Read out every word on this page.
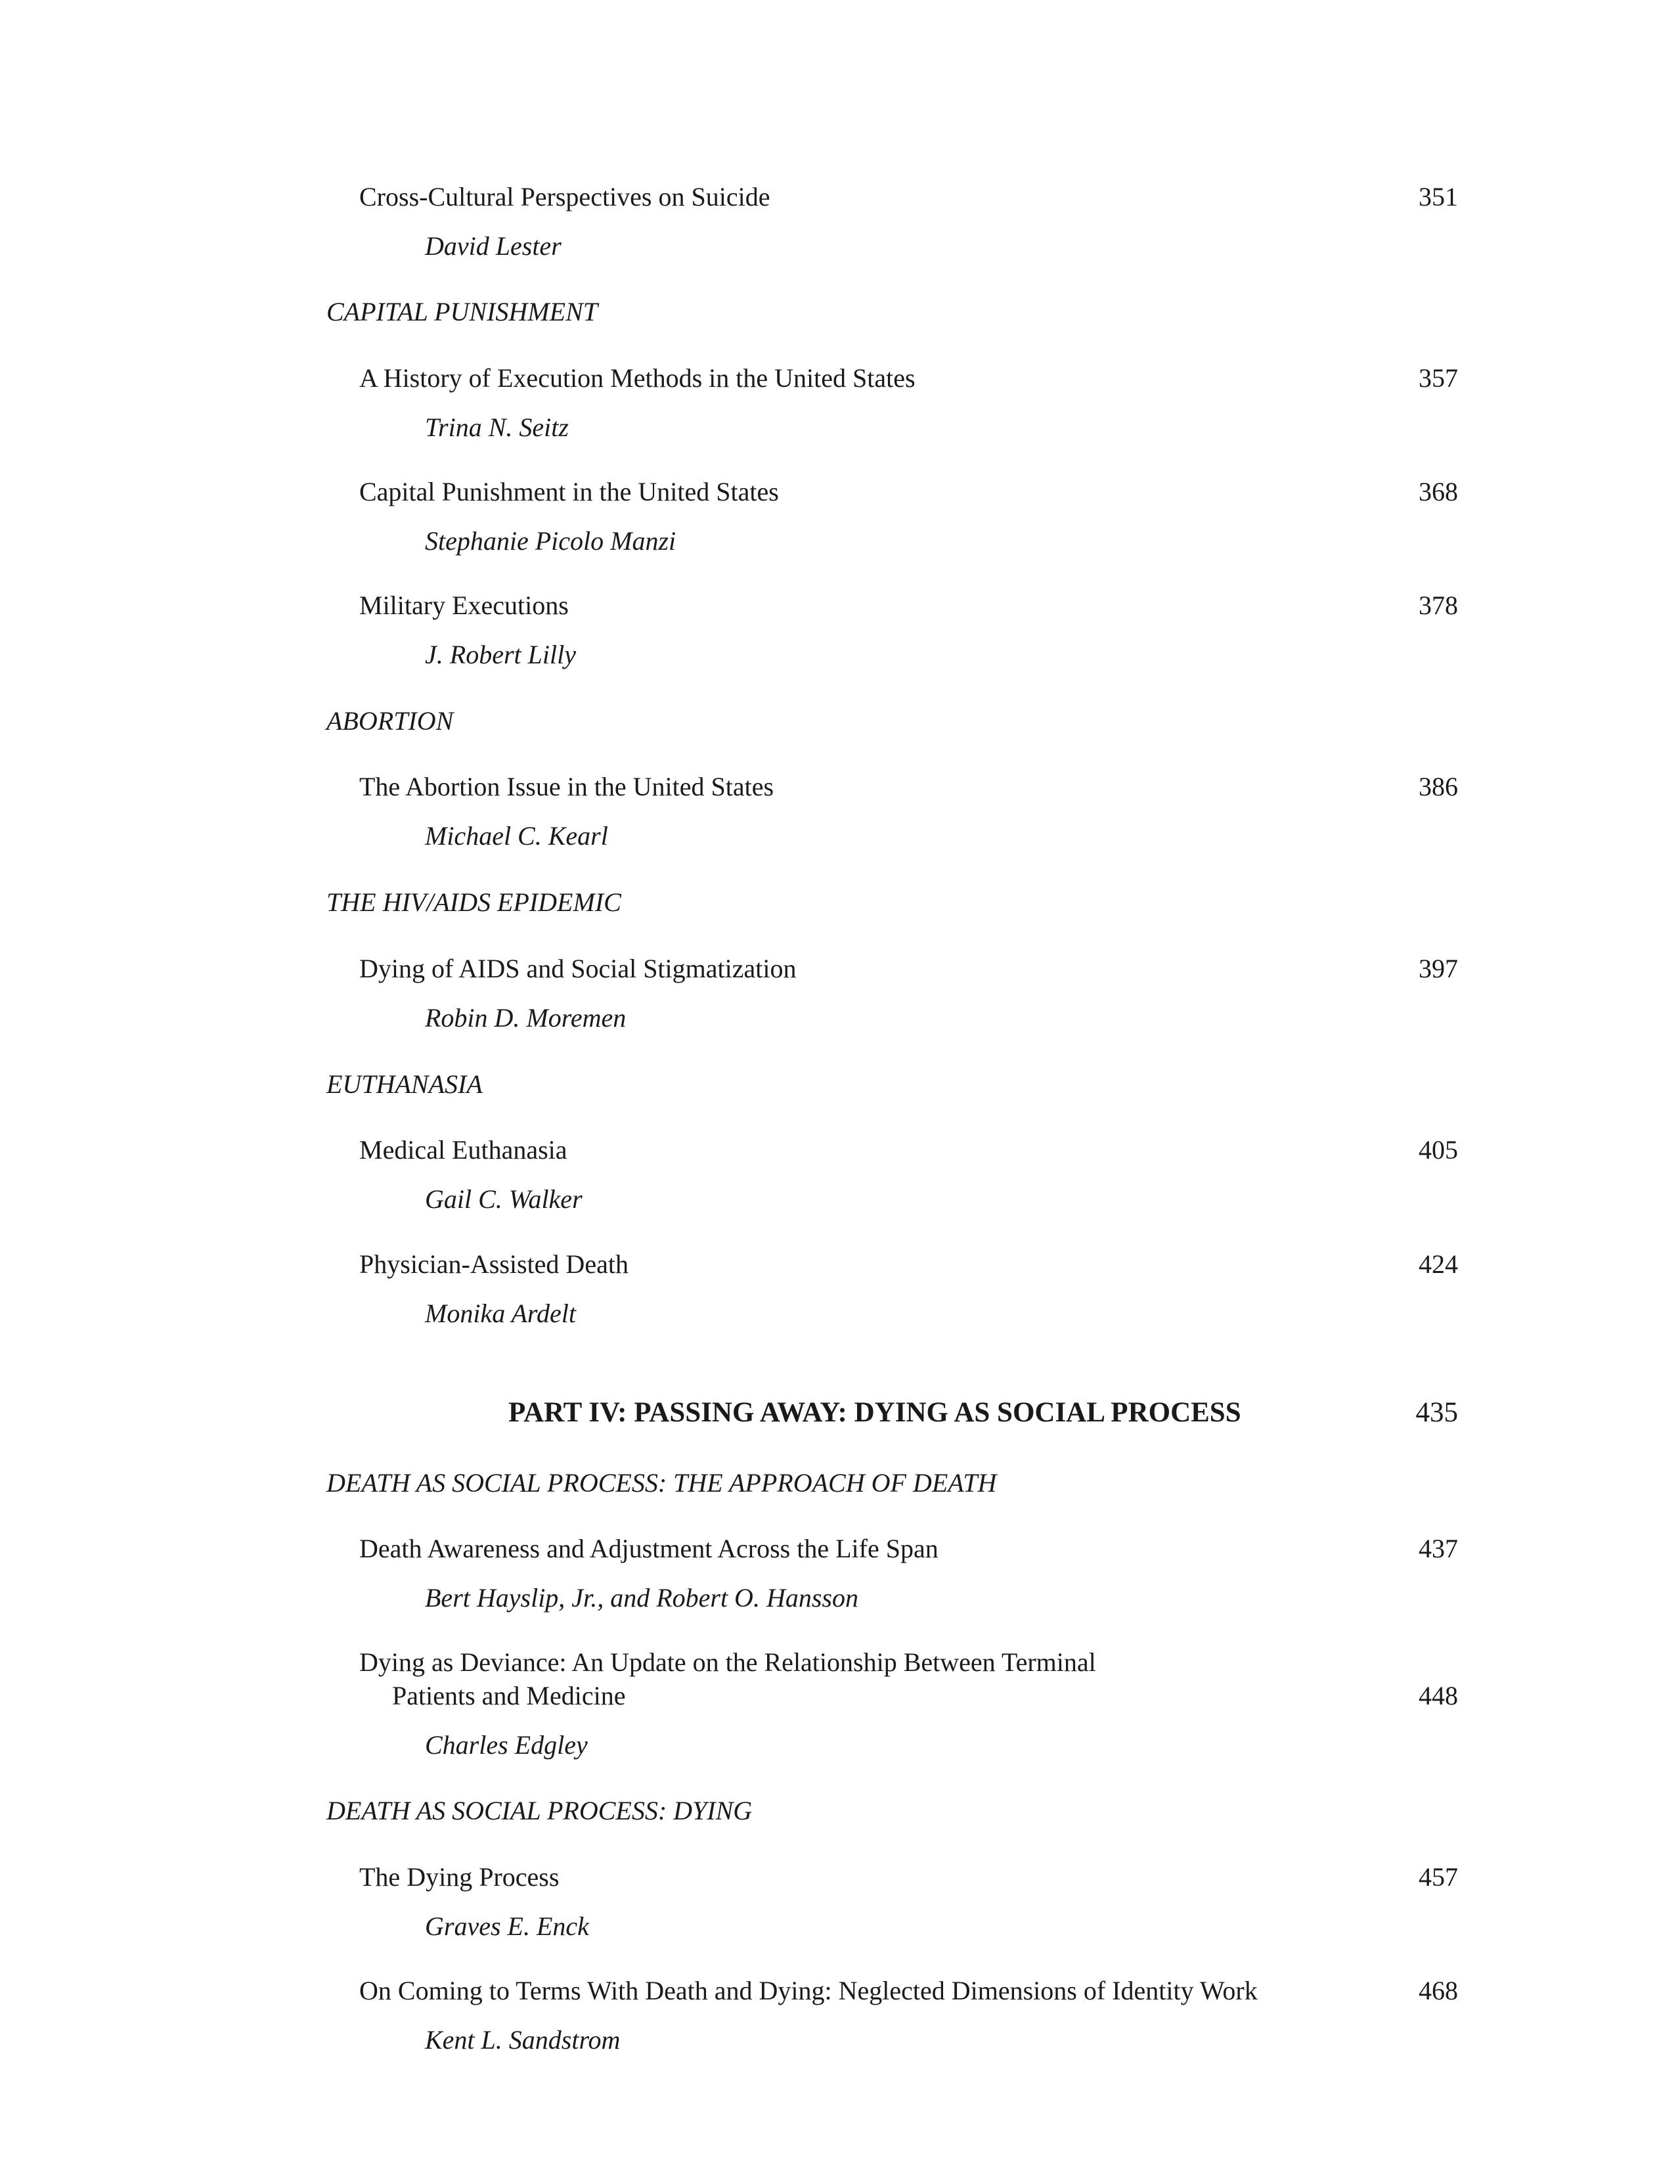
Cross-Cultural Perspectives on Suicide	351
David Lester
CAPITAL PUNISHMENT
A History of Execution Methods in the United States	357
Trina N. Seitz
Capital Punishment in the United States	368
Stephanie Picolo Manzi
Military Executions	378
J. Robert Lilly
ABORTION
The Abortion Issue in the United States	386
Michael C. Kearl
THE HIV/AIDS EPIDEMIC
Dying of AIDS and Social Stigmatization	397
Robin D. Moremen
EUTHANASIA
Medical Euthanasia	405
Gail C. Walker
Physician-Assisted Death	424
Monika Ardelt
PART IV: PASSING AWAY: DYING AS SOCIAL PROCESS	435
DEATH AS SOCIAL PROCESS: THE APPROACH OF DEATH
Death Awareness and Adjustment Across the Life Span	437
Bert Hayslip, Jr., and Robert O. Hansson
Dying as Deviance: An Update on the Relationship Between Terminal
Patients and Medicine	448
Charles Edgley
DEATH AS SOCIAL PROCESS: DYING
The Dying Process	457
Graves E. Enck
On Coming to Terms With Death and Dying: Neglected Dimensions of Identity Work	468
Kent L. Sandstrom
